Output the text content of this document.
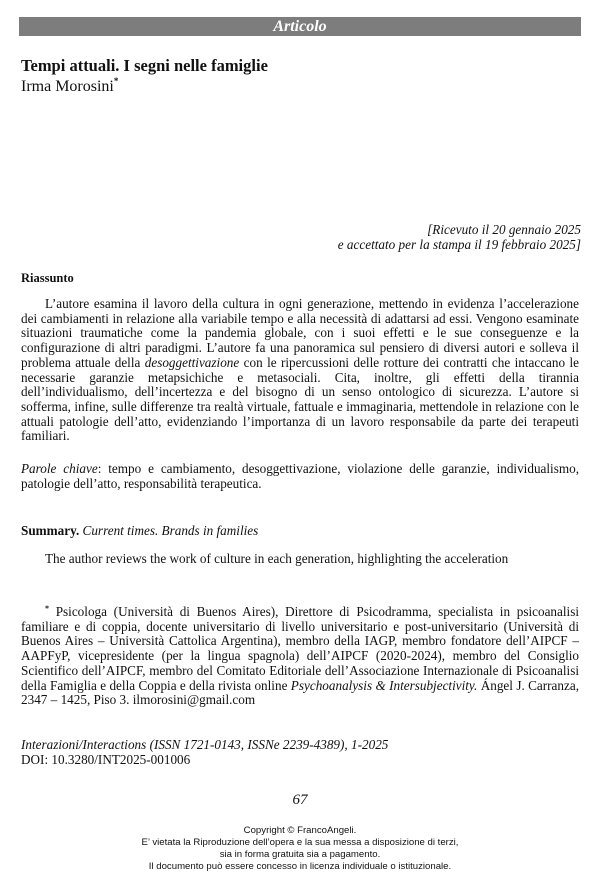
Articolo
Tempi attuali. I segni nelle famiglie
Irma Morosini*
[Ricevuto il 20 gennaio 2025
e accettato per la stampa il 19 febbraio 2025]
Riassunto

L’autore esamina il lavoro della cultura in ogni generazione, mettendo in evidenza l’accelerazione dei cambiamenti in relazione alla variabile tempo e alla necessità di adattarsi ad essi. Vengono esaminate situazioni traumatiche come la pandemia globale, con i suoi effetti e le sue conseguenze e la configurazione di altri paradigmi. L’autore fa una panoramica sul pensiero di diversi autori e solleva il problema attuale della desoggettivazione con le ripercussioni delle rotture dei contratti che intaccano le necessarie garanzie metapsichiche e metasociali. Cita, inoltre, gli effetti della tirannia dell’individualismo, dell’incertezza e del bisogno di un senso ontologico di sicurezza. L’autore si sofferma, infine, sulle differenze tra realtà virtuale, fattuale e immaginaria, mettendole in relazione con le attuali patologie dell’atto, evidenziando l’importanza di un lavoro responsabile da parte dei terapeuti familiari.

Parole chiave: tempo e cambiamento, desoggettivazione, violazione delle garanzie, individualismo, patologie dell’atto, responsabilità terapeutica.

Summary. Current times. Brands in families
The author reviews the work of culture in each generation, highlighting the acceleration

* Psicologa (Università di Buenos Aires), Direttore di Psicodramma, specialista in psicoanalisi familiare e di coppia, docente universitario di livello universitario e post-universitario (Università di Buenos Aires – Università Cattolica Argentina), membro della IAGP, membro fondatore dell’AIPCF – AAPFyP, vicepresidente (per la lingua spagnola) dell’AIPCF (2020-2024), membro del Consiglio Scientifico dell’AIPCF, membro del Comitato Editoriale dell’Associazione Internazionale di Psicoanalisi della Famiglia e della Coppia e della rivista online Psychoanalysis & Intersubjectivity. Ángel J. Carranza, 2347 – 1425, Piso 3. ilmorosini@gmail.com

Interazioni/Interactions (ISSN 1721-0143, ISSNe 2239-4389), 1-2025
DOI: 10.3280/INT2025-001006
67
Copyright © FrancoAngeli.
E’ vietata la Riproduzione dell’opera e la sua messa a disposizione di terzi,
sia in forma gratuita sia a pagamento.
Il documento può essere concesso in licenza individuale o istituzionale.
